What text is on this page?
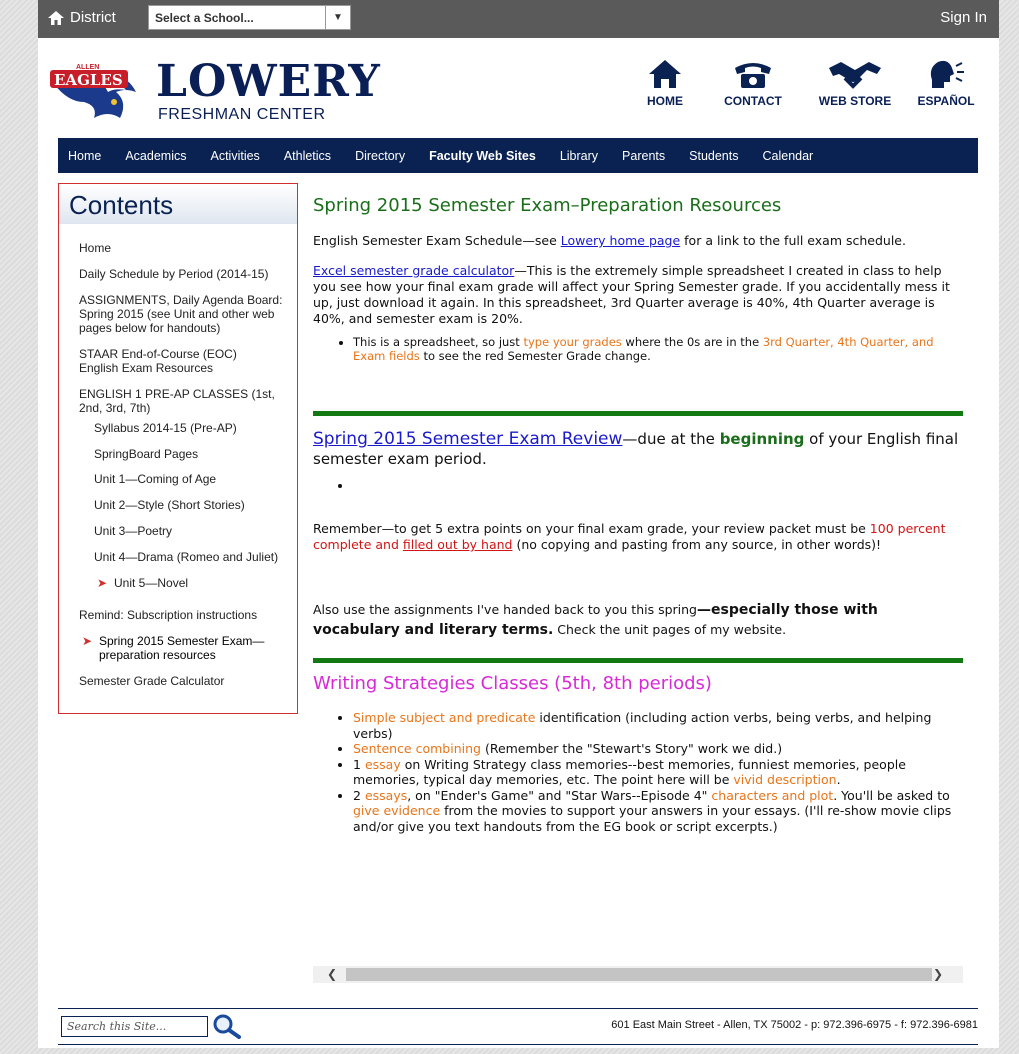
District	Select a School...	▼	Sign In
EAGLES
ALLEN LOWERY
FRESHMAN CENTER
HOME	CONTACT	WEB STORE	ESPAÑOL
Home Academics Activities Athletics Directory Faculty Web Sites Library Parents Students Calendar
Contents
Home
Daily Schedule by Period (2014-15)
ASSIGNMENTS, Daily Agenda Board: Spring 2015 (see Unit and other web pages below for handouts)
STAAR End-of-Course (EOC) English Exam Resources
ENGLISH 1 PRE-AP CLASSES (1st, 2nd, 3rd, 7th)
Syllabus 2014-15 (Pre-AP)
SpringBoard Pages
Unit 1—Coming of Age
Unit 2—Style (Short Stories)
Unit 3—Poetry
Unit 4—Drama (Romeo and Juliet)
➤ Unit 5—Novel
Remind: Subscription instructions
➤ Spring 2015 Semester Exam—preparation resources
Semester Grade Calculator
Spring 2015 Semester Exam–Preparation Resources
English Semester Exam Schedule—see Lowery home page for a link to the full exam schedule.
Excel semester grade calculator—This is the extremely simple spreadsheet I created in class to help you see how your final exam grade will affect your Spring Semester grade. If you accidentally mess it up, just download it again. In this spreadsheet, 3rd Quarter average is 40%, 4th Quarter average is 40%, and semester exam is 20%.
• This is a spreadsheet, so just type your grades where the 0s are in the 3rd Quarter, 4th Quarter, and Exam fields to see the red Semester Grade change.
Spring 2015 Semester Exam Review—due at the beginning of your English final semester exam period.
•
Remember—to get 5 extra points on your final exam grade, your review packet must be 100 percent complete and filled out by hand (no copying and pasting from any source, in other words)!
Also use the assignments I've handed back to you this spring—especially those with vocabulary and literary terms. Check the unit pages of my website.
Writing Strategies Classes (5th, 8th periods)
• Simple subject and predicate identification (including action verbs, being verbs, and helping verbs)
• Sentence combining (Remember the "Stewart's Story" work we did.)
• 1 essay on Writing Strategy class memories--best memories, funniest memories, people memories, typical day memories, etc. The point here will be vivid description.
• 2 essays, on "Ender's Game" and "Star Wars--Episode 4" characters and plot. You'll be asked to give evidence from the movies to support your answers in your essays. (I'll re-show movie clips and/or give you text handouts from the EG book or script excerpts.)
❮	❯
Search this Site...	601 East Main Street - Allen, TX 75002 - p: 972.396-6975 - f: 972.396-6981
